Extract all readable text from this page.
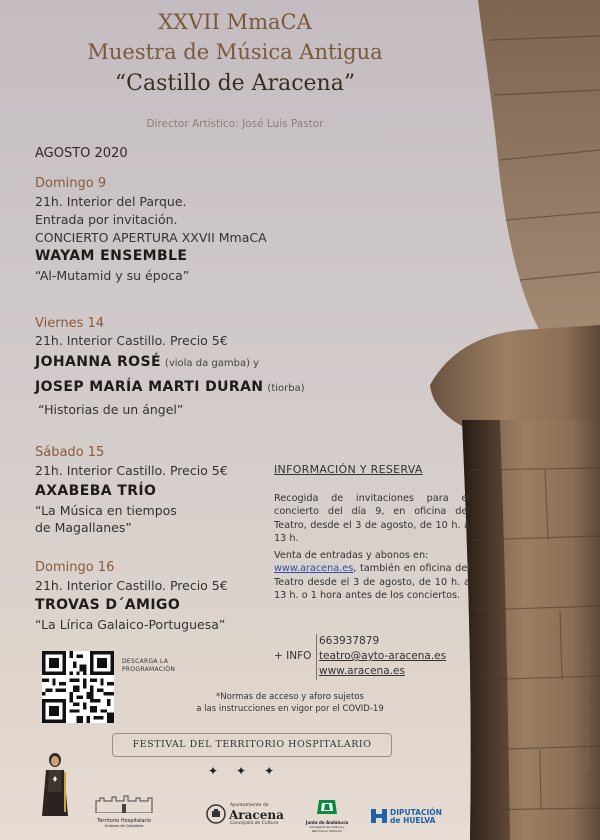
XXVII MmaCA
Muestra de Música Antigua
“Castillo de Aracena”
Director Artístico: José Luis Pastor
AGOSTO 2020
Domingo 9
21h. Interior del Parque.
Entrada por invitación.
CONCIERTO APERTURA XXVII MmaCA
WAYAM ENSEMBLE
“Al-Mutamid y su época”
Viernes 14
21h. Interior Castillo. Precio 5€
JOHANNA ROSÉ (viola da gamba) y
JOSEP MARÍA MARTI DURAN (tiorba)
“Historias de un ángel”
Sábado 15
21h. Interior Castillo. Precio 5€
AXABEBA TRÍO
“La Música en tiempos
de Magallanes”
Domingo 16
21h. Interior Castillo. Precio 5€
TROVAS D´AMIGO
“La Lírica Galaico-Portuguesa”
INFORMACIÓN Y RESERVA
Recogida de invitaciones para el concierto del día 9, en oficina del Teatro, desde el 3 de agosto, de 10 h. a 13 h.
Venta de entradas y abonos en:
www.aracena.es, también en oficina del Teatro desde el 3 de agosto, de 10 h. a 13 h. o 1 hora antes de los conciertos.
+ INFO
663937879
teatro@ayto-aracena.es
www.aracena.es
DESCARGA LA
PROGRAMACIÓN
*Normas de acceso y aforo sujetos
a las instrucciones en vigor por el COVID-19
FESTIVAL DEL TERRITORIO HOSPITALARIO
✦✦✦	Fotografía: Jesús Sánchez / Castillo de Aracena
Territorio Hospitalario
Órdenes de Caballería
Ayuntamiento de
Aracena
Concejalía de Cultura	Junta de Andalucía
Consejería de Cultura y Patrimonio Histórico
DIPUTACIÓN
de HUELVA
